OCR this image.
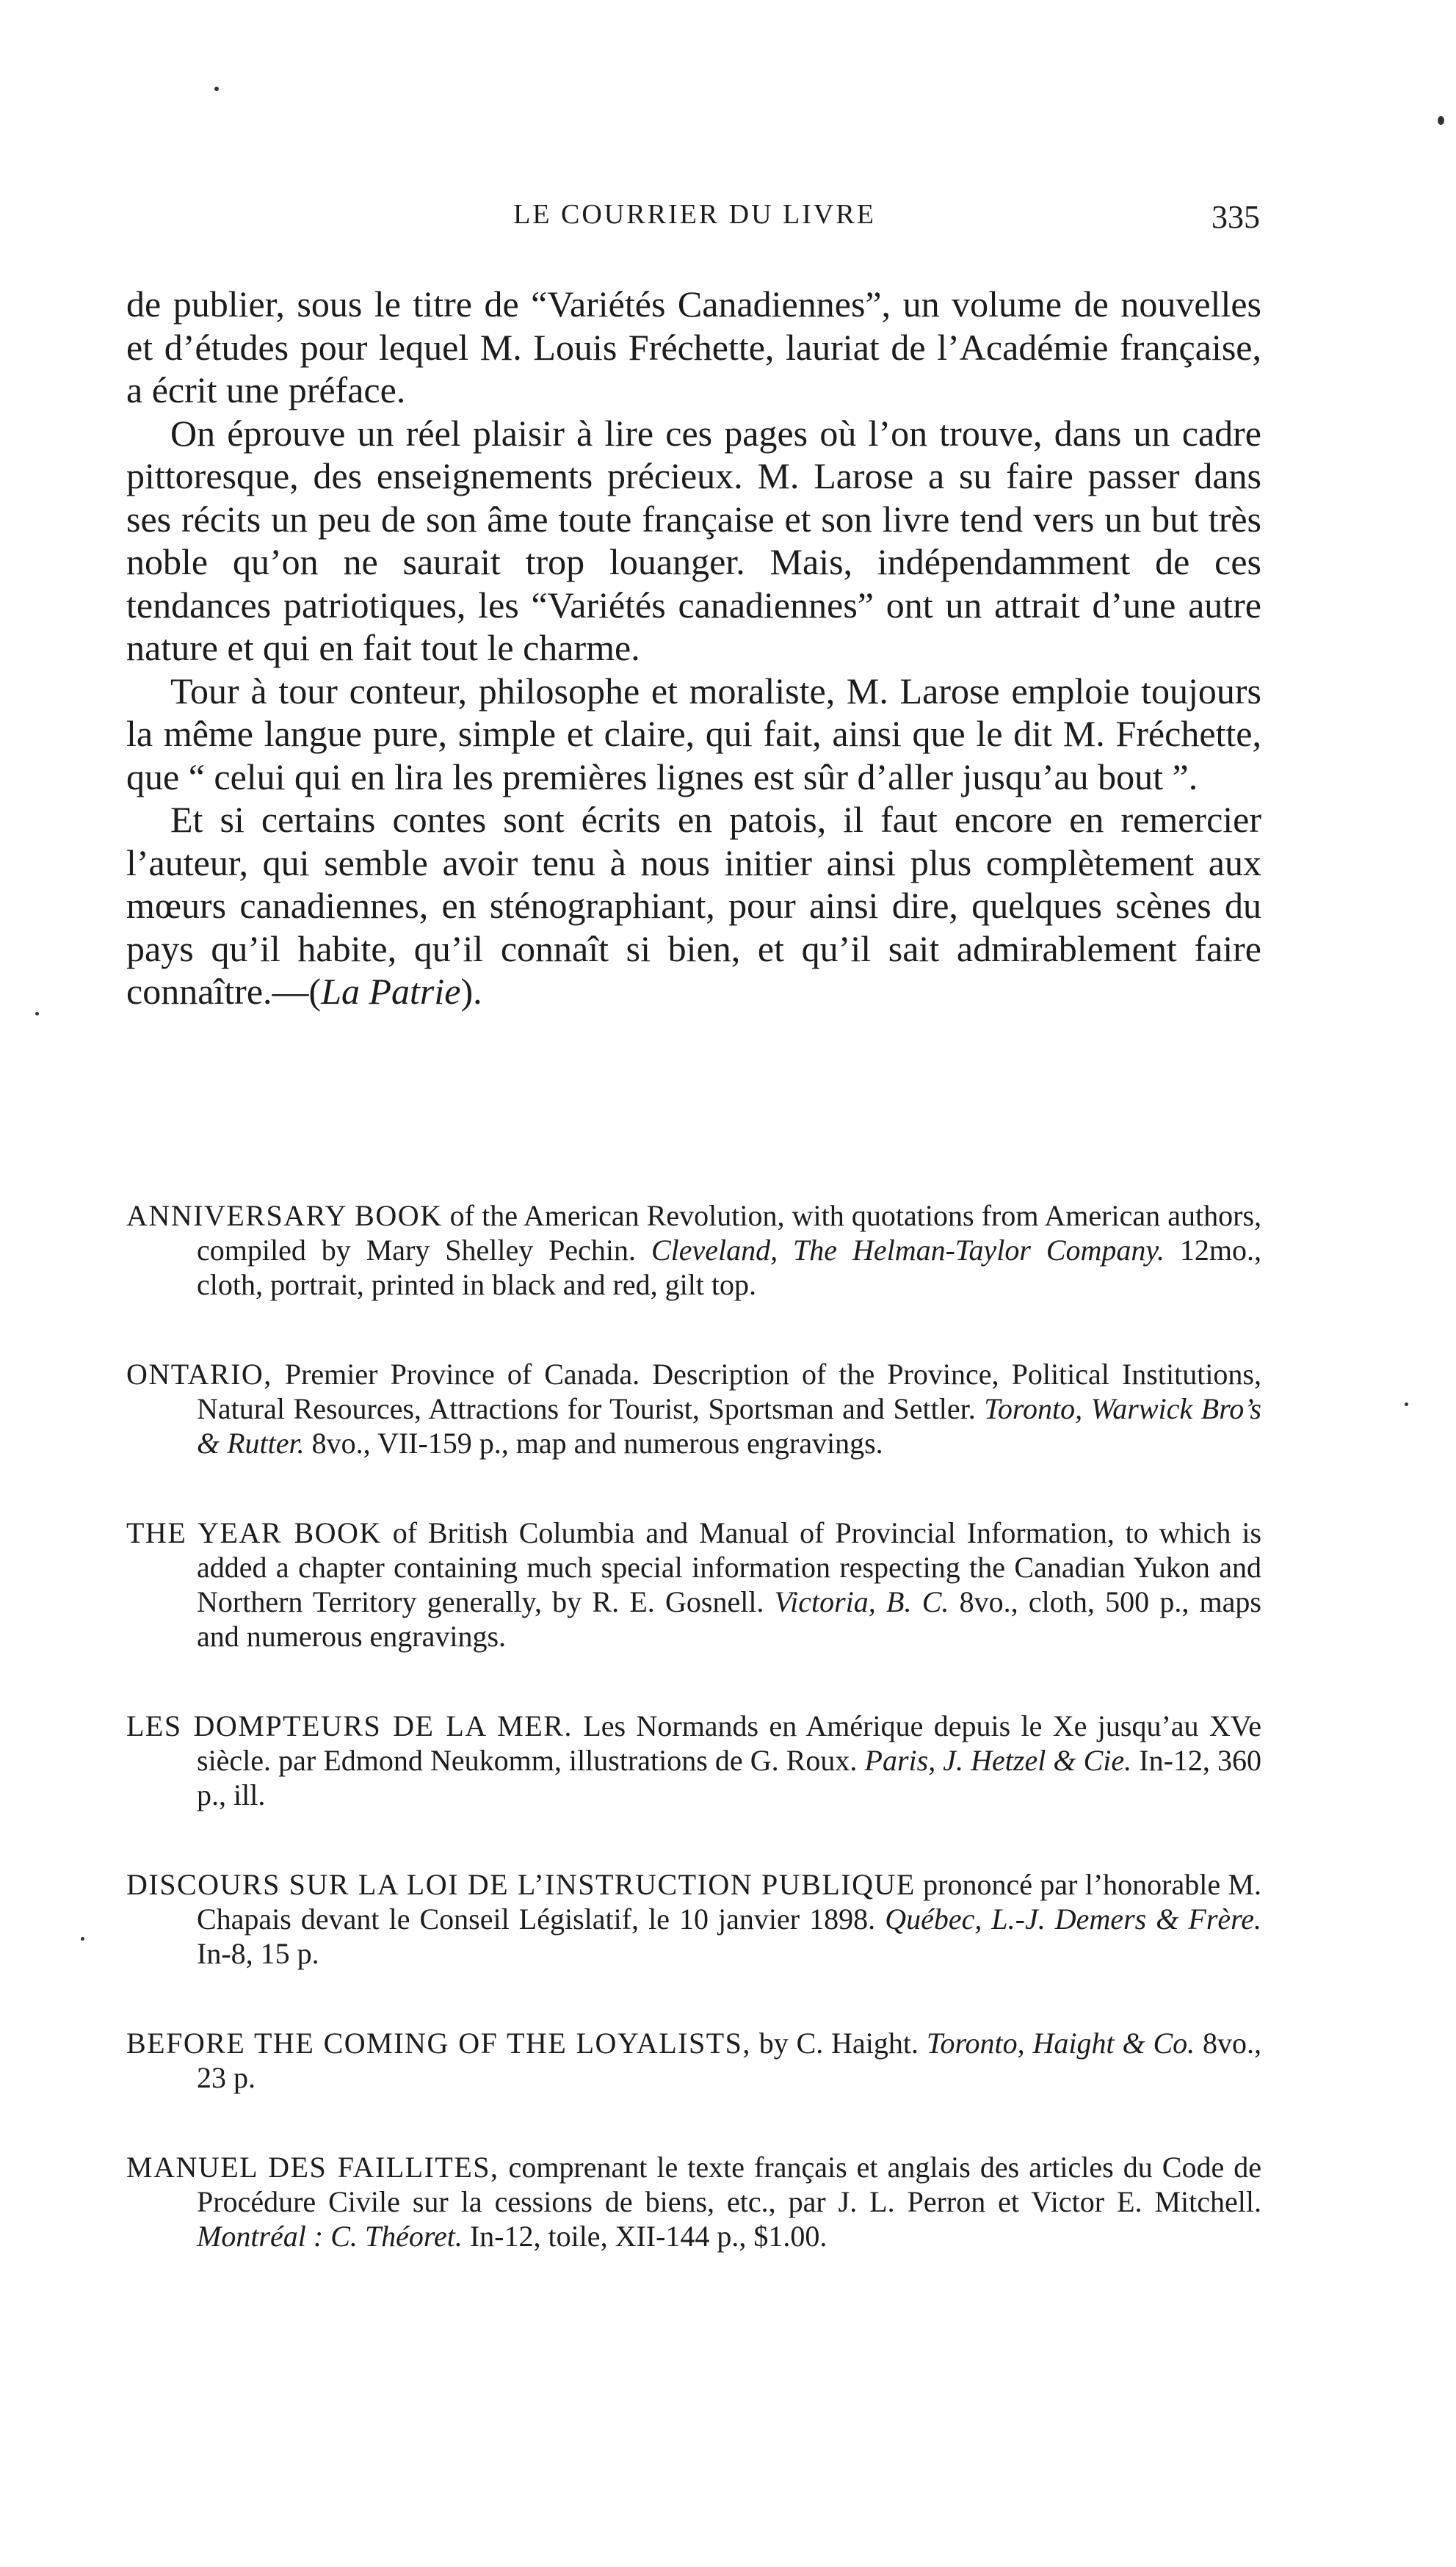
LE COURRIER DU LIVRE	335

de publier, sous le titre de “Variétés Canadiennes”, un volume de nouvelles et d’études pour lequel M. Louis Fréchette, lauriat de l’Académie française, a écrit une préface.

On éprouve un réel plaisir à lire ces pages où l’on trouve, dans un cadre pittoresque, des enseignements précieux. M. Larose a su faire passer dans ses récits un peu de son âme toute française et son livre tend vers un but très noble qu’on ne saurait trop louanger. Mais, indépendamment de ces tendances patriotiques, les “Variétés canadiennes” ont un attrait d’une autre nature et qui en fait tout le charme.

Tour à tour conteur, philosophe et moraliste, M. Larose emploie toujours la même langue pure, simple et claire, qui fait, ainsi que le dit M. Fréchette, que “ celui qui en lira les premières lignes est sûr d’aller jusqu’au bout ”.

Et si certains contes sont écrits en patois, il faut encore en remercier l’auteur, qui semble avoir tenu à nous initier ainsi plus complètement aux mœurs canadiennes, en sténographiant, pour ainsi dire, quelques scènes du pays qu’il habite, qu’il connaît si bien, et qu’il sait admirablement faire connaître.—(La Patrie).

ANNIVERSARY BOOK of the American Revolution, with quotations from American authors, compiled by Mary Shelley Pechin. Cleveland, The Helman-Taylor Company. 12mo., cloth, portrait, printed in black and red, gilt top.

ONTARIO, Premier Province of Canada. Description of the Province, Political Institutions, Natural Resources, Attractions for Tourist, Sportsman and Settler. Toronto, Warwick Bro’s & Rutter. 8vo., VII-159 p., map and numerous engravings.

THE YEAR BOOK of British Columbia and Manual of Provincial Information, to which is added a chapter containing much special information respecting the Canadian Yukon and Northern Territory generally, by R. E. Gosnell. Victoria, B. C. 8vo., cloth, 500 p., maps and numerous engravings.

LES DOMPTEURS DE LA MER. Les Normands en Amérique depuis le Xe jusqu’au XVe siècle. par Edmond Neukomm, illustrations de G. Roux. Paris, J. Hetzel & Cie. In-12, 360 p., ill.

DISCOURS SUR LA LOI DE L’INSTRUCTION PUBLIQUE prononcé par l’honorable M. Chapais devant le Conseil Législatif, le 10 janvier 1898. Québec, L.-J. Demers & Frère. In-8, 15 p.

BEFORE THE COMING OF THE LOYALISTS, by C. Haight. Toronto, Haight & Co. 8vo., 23 p.

MANUEL DES FAILLITES, comprenant le texte français et anglais des articles du Code de Procédure Civile sur la cessions de biens, etc., par J. L. Perron et Victor E. Mitchell. Montréal : C. Théoret. In-12, toile, XII-144 p., $1.00.
